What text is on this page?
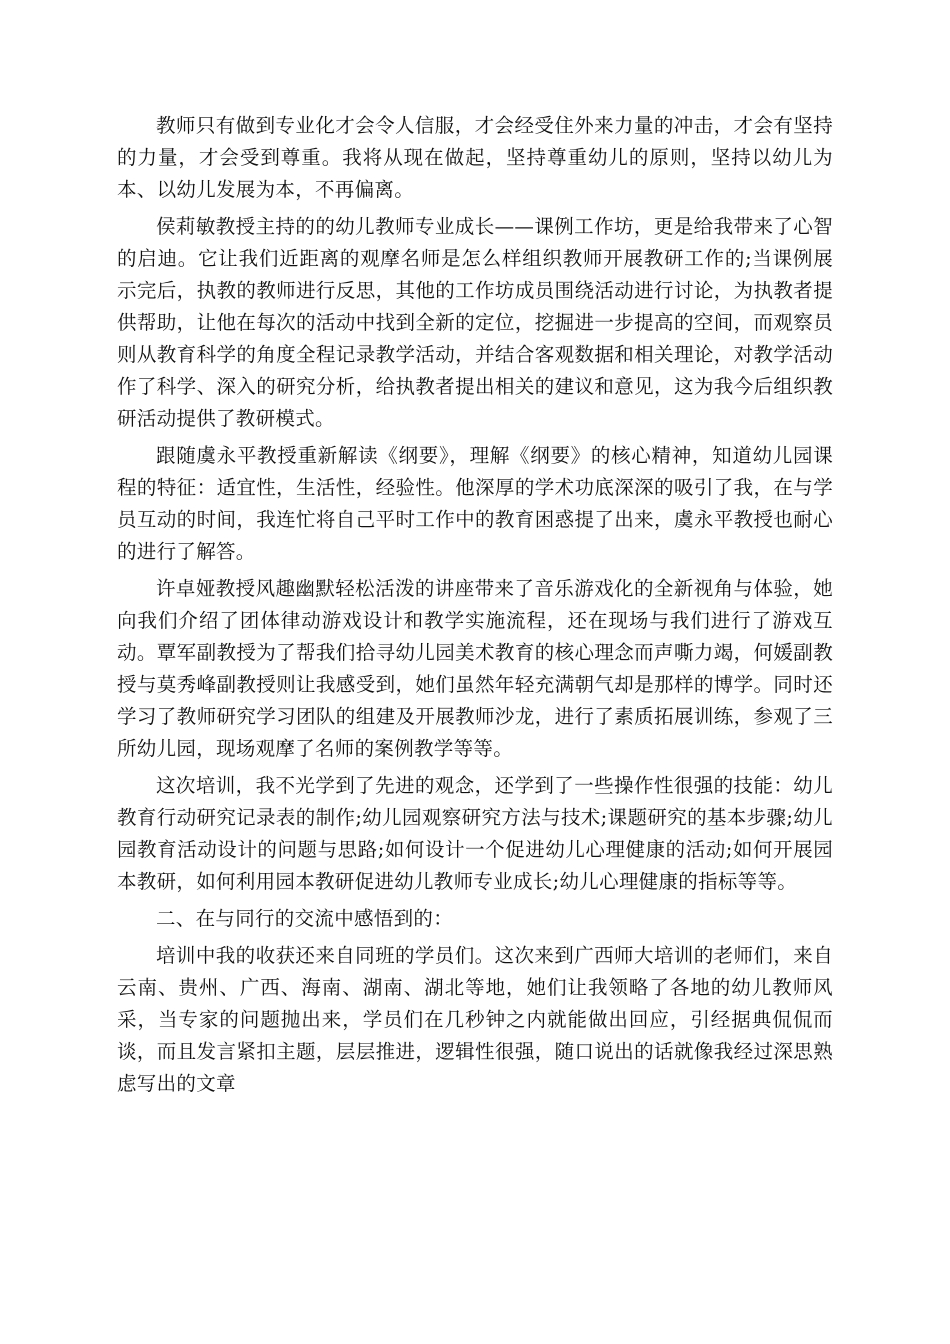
教师只有做到专业化才会令人信服，才会经受住外来力量的冲击，才会有坚持的力量，才会受到尊重。我将从现在做起，坚持尊重幼儿的原则，坚持以幼儿为本、以幼儿发展为本，不再偏离。

侯莉敏教授主持的的幼儿教师专业成长——课例工作坊，更是给我带来了心智的启迪。它让我们近距离的观摩名师是怎么样组织教师开展教研工作的;当课例展示完后，执教的教师进行反思，其他的工作坊成员围绕活动进行讨论，为执教者提供帮助，让他在每次的活动中找到全新的定位，挖掘进一步提高的空间，而观察员则从教育科学的角度全程记录教学活动，并结合客观数据和相关理论，对教学活动作了科学、深入的研究分析，给执教者提出相关的建议和意见，这为我今后组织教研活动提供了教研模式。

跟随虞永平教授重新解读《纲要》，理解《纲要》的核心精神，知道幼儿园课程的特征：适宜性，生活性，经验性。他深厚的学术功底深深的吸引了我，在与学员互动的时间，我连忙将自己平时工作中的教育困惑提了出来，虞永平教授也耐心的进行了解答。

许卓娅教授风趣幽默轻松活泼的讲座带来了音乐游戏化的全新视角与体验，她向我们介绍了团体律动游戏设计和教学实施流程，还在现场与我们进行了游戏互动。覃军副教授为了帮我们拾寻幼儿园美术教育的核心理念而声嘶力竭，何媛副教授与莫秀峰副教授则让我感受到，她们虽然年轻充满朝气却是那样的博学。同时还学习了教师研究学习团队的组建及开展教师沙龙，进行了素质拓展训练，参观了三所幼儿园，现场观摩了名师的案例教学等等。

这次培训，我不光学到了先进的观念，还学到了一些操作性很强的技能：幼儿教育行动研究记录表的制作;幼儿园观察研究方法与技术;课题研究的基本步骤;幼儿园教育活动设计的问题与思路;如何设计一个促进幼儿心理健康的活动;如何开展园本教研，如何利用园本教研促进幼儿教师专业成长;幼儿心理健康的指标等等。

二、在与同行的交流中感悟到的：

培训中我的收获还来自同班的学员们。这次来到广西师大培训的老师们，来自云南、贵州、广西、海南、湖南、湖北等地，她们让我领略了各地的幼儿教师风采，当专家的问题抛出来，学员们在几秒钟之内就能做出回应，引经据典侃侃而谈，而且发言紧扣主题，层层推进，逻辑性很强，随口说出的话就像我经过深思熟虑写出的文章
